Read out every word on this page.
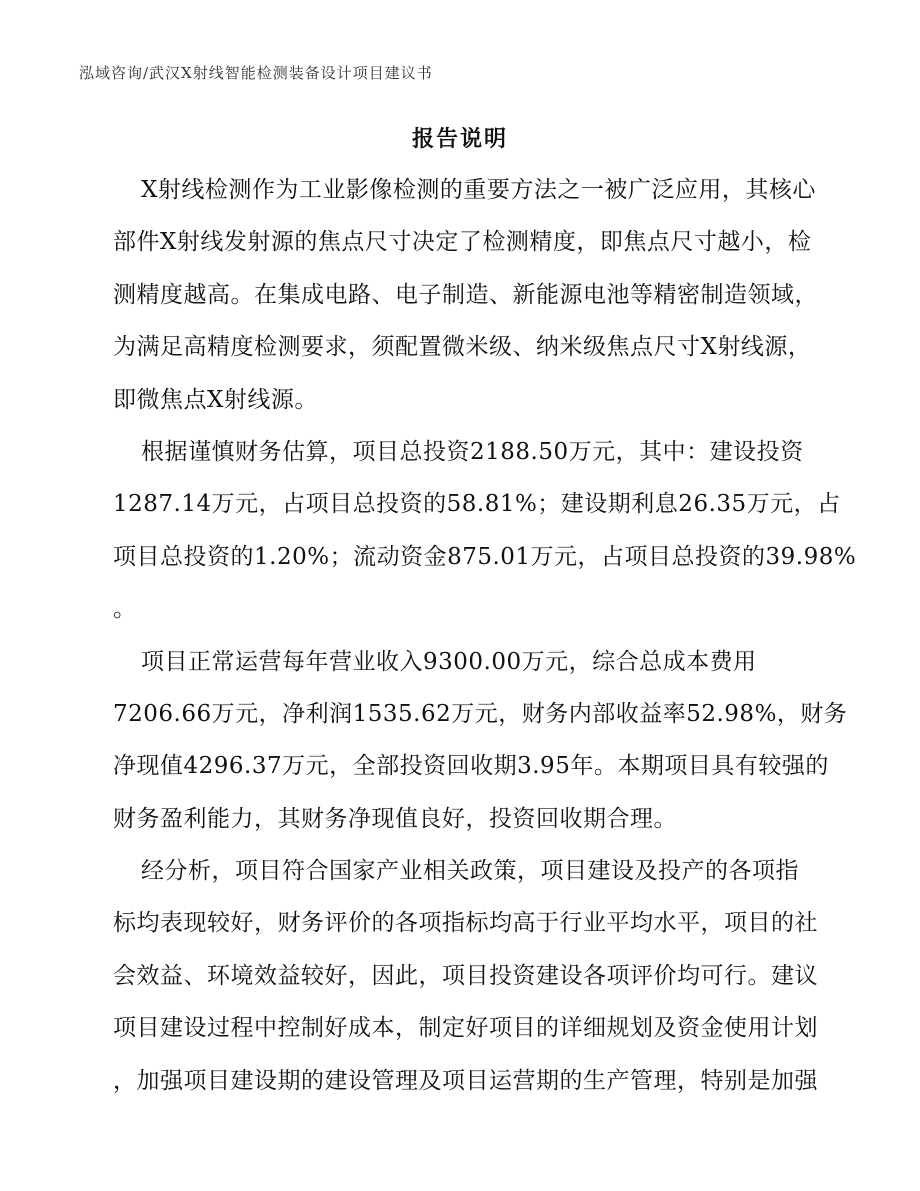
泓域咨询/武汉X射线智能检测装备设计项目建议书
报告说明
X射线检测作为工业影像检测的重要方法之一被广泛应用，其核心
部件X射线发射源的焦点尺寸决定了检测精度，即焦点尺寸越小，检
测精度越高。在集成电路、电子制造、新能源电池等精密制造领域，
为满足高精度检测要求，须配置微米级、纳米级焦点尺寸X射线源，
即微焦点X射线源。
根据谨慎财务估算，项目总投资2188.50万元，其中：建设投资
1287.14万元，占项目总投资的58.81%；建设期利息26.35万元，占
项目总投资的1.20%；流动资金875.01万元，占项目总投资的39.98%
。
项目正常运营每年营业收入9300.00万元，综合总成本费用
7206.66万元，净利润1535.62万元，财务内部收益率52.98%，财务
净现值4296.37万元，全部投资回收期3.95年。本期项目具有较强的
财务盈利能力，其财务净现值良好，投资回收期合理。
经分析，项目符合国家产业相关政策，项目建设及投产的各项指
标均表现较好，财务评价的各项指标均高于行业平均水平，项目的社
会效益、环境效益较好，因此，项目投资建设各项评价均可行。建议
项目建设过程中控制好成本，制定好项目的详细规划及资金使用计划
，加强项目建设期的建设管理及项目运营期的生产管理，特别是加强
